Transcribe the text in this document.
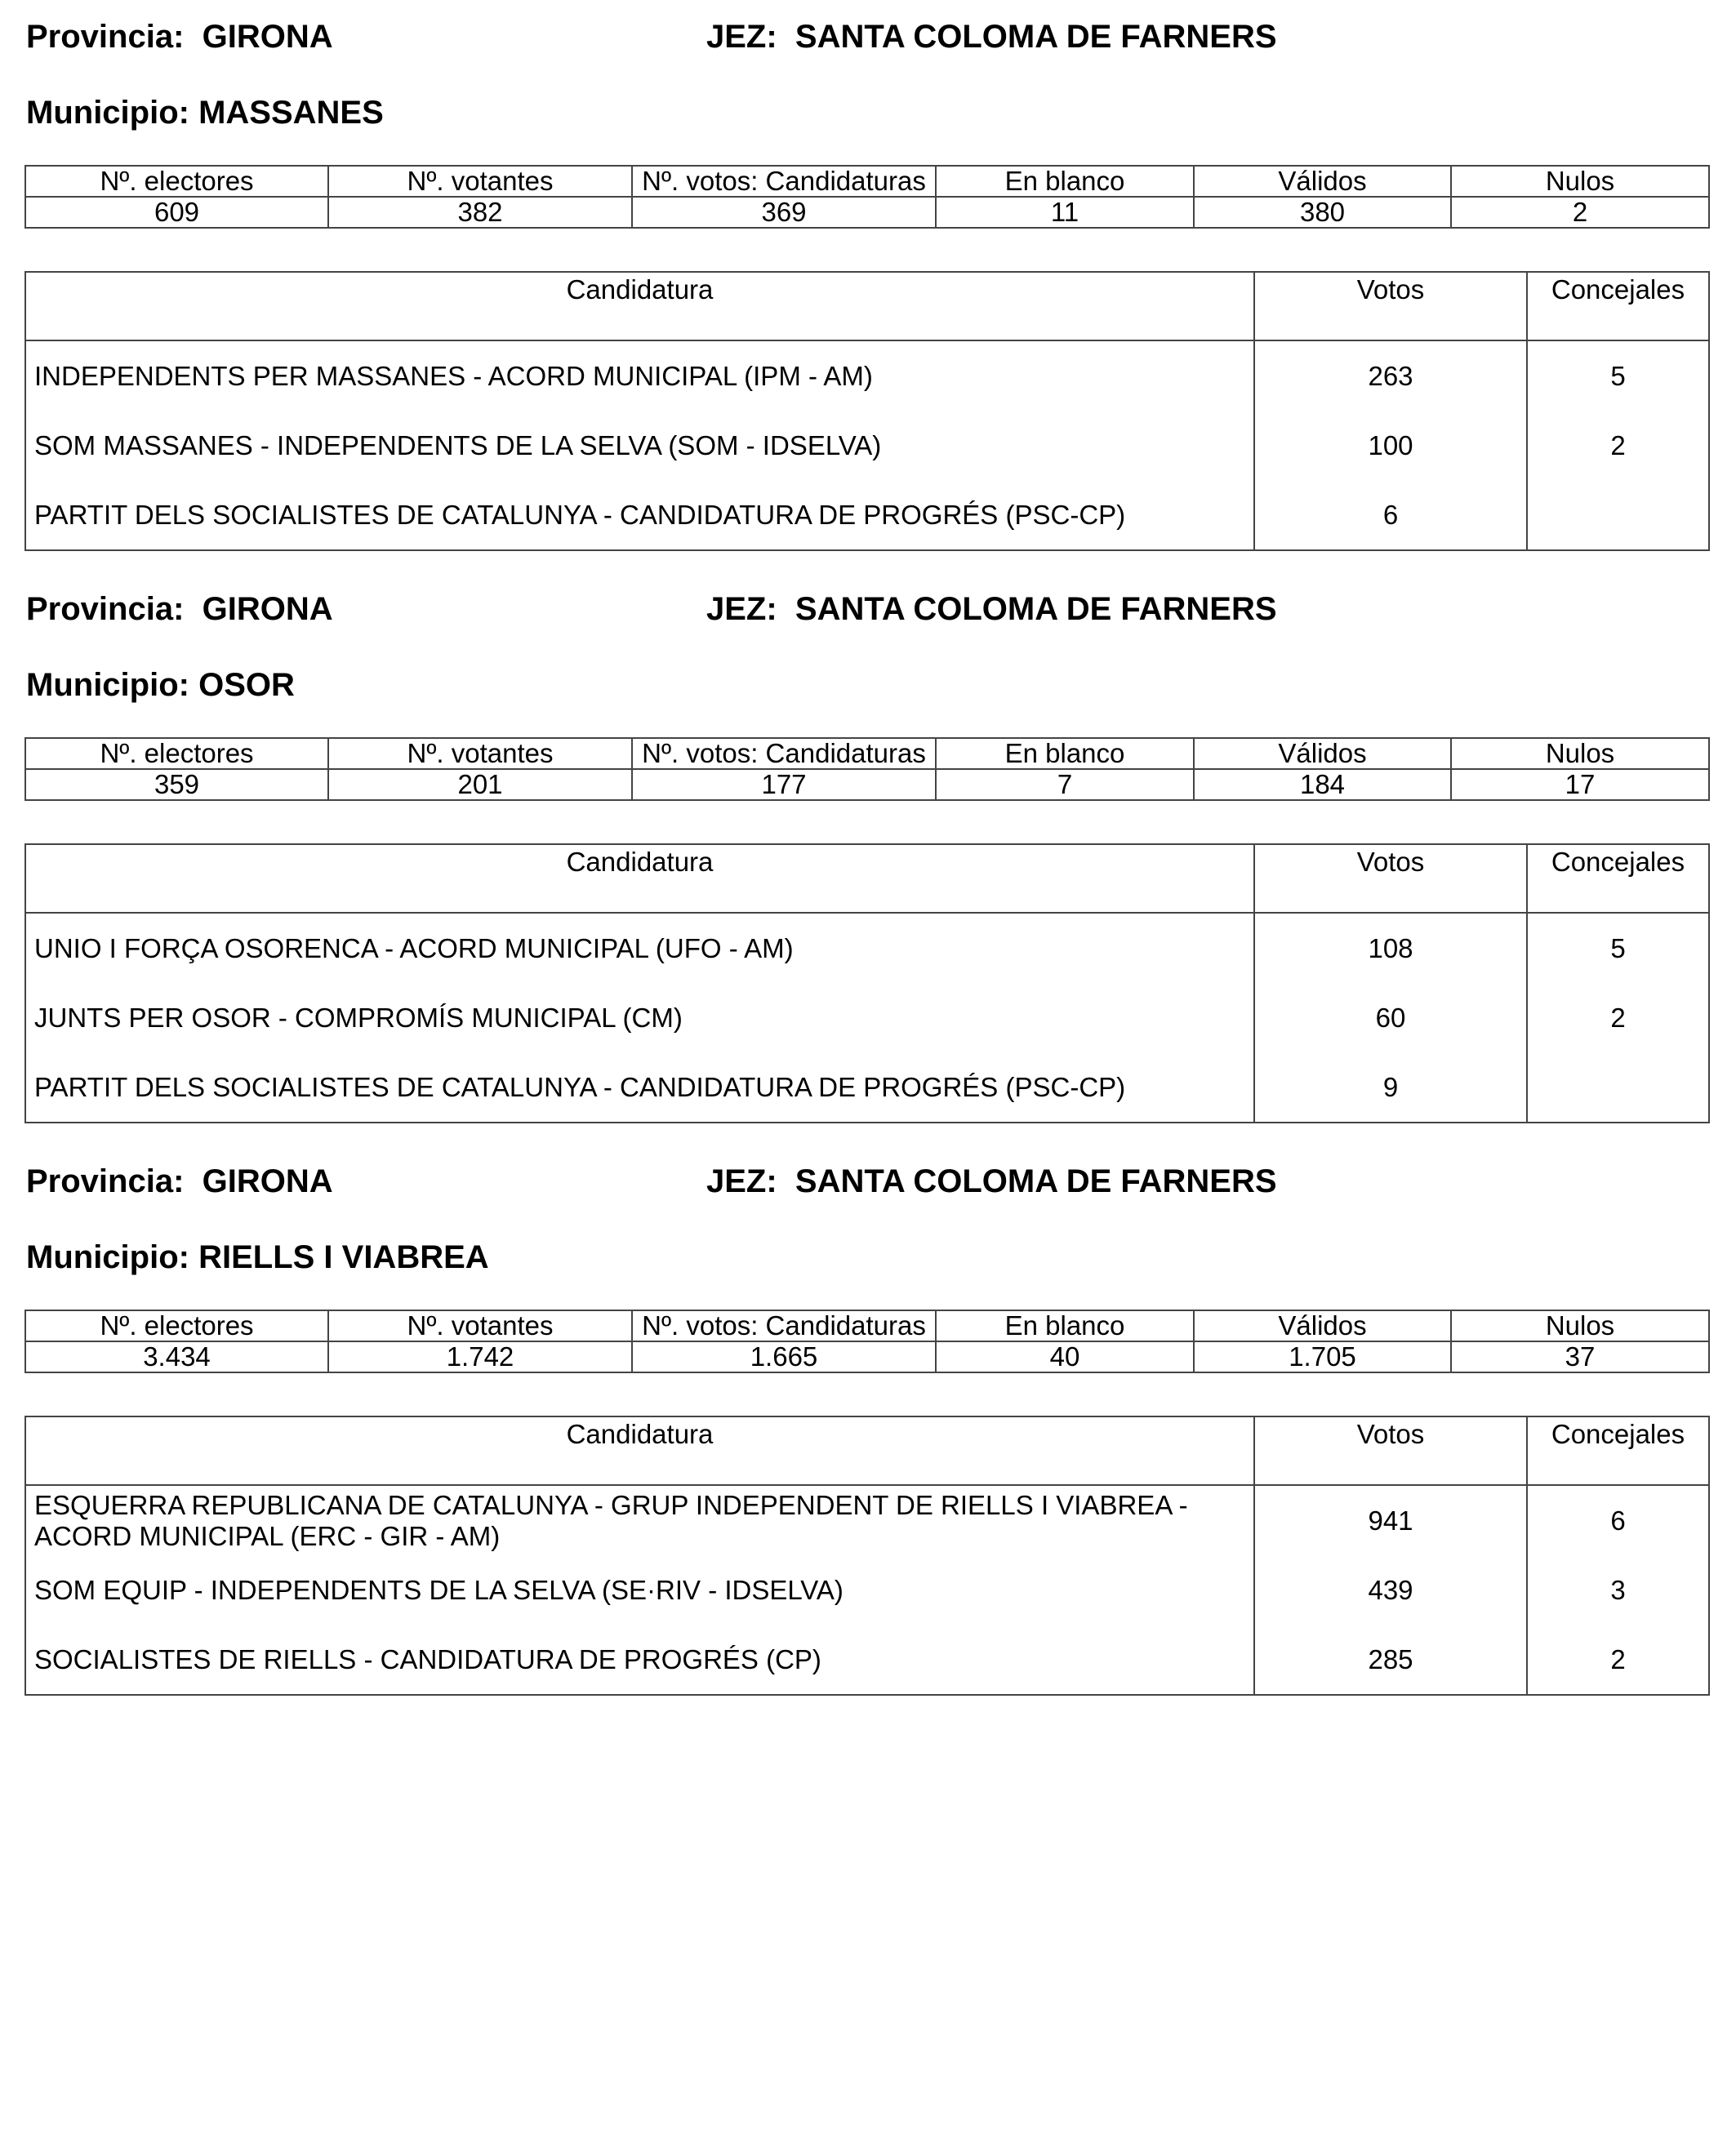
Provincia:  GIRONA	JEZ:  SANTA COLOMA DE FARNERS
Municipio: MASSANES
Nº. electores	Nº. votantes	Nº. votos: Candidaturas	En blanco	Válidos	Nulos
609	382	369	11	380	2
Candidatura	Votos	Concejales
INDEPENDENTS PER MASSANES - ACORD MUNICIPAL (IPM - AM)	263	5
SOM MASSANES - INDEPENDENTS DE LA SELVA (SOM - IDSELVA)	100	2
PARTIT DELS SOCIALISTES DE CATALUNYA - CANDIDATURA DE PROGRÉS (PSC-CP)	6	
Provincia:  GIRONA	JEZ:  SANTA COLOMA DE FARNERS
Municipio: OSOR
Nº. electores	Nº. votantes	Nº. votos: Candidaturas	En blanco	Válidos	Nulos
359	201	177	7	184	17
Candidatura	Votos	Concejales
UNIO I FORÇA OSORENCA - ACORD MUNICIPAL (UFO - AM)	108	5
JUNTS PER OSOR - COMPROMÍS MUNICIPAL (CM)	60	2
PARTIT DELS SOCIALISTES DE CATALUNYA - CANDIDATURA DE PROGRÉS (PSC-CP)	9	
Provincia:  GIRONA	JEZ:  SANTA COLOMA DE FARNERS
Municipio: RIELLS I VIABREA
Nº. electores	Nº. votantes	Nº. votos: Candidaturas	En blanco	Válidos	Nulos
3.434	1.742	1.665	40	1.705	37
Candidatura	Votos	Concejales
ESQUERRA REPUBLICANA DE CATALUNYA - GRUP INDEPENDENT DE RIELLS I VIABREA - ACORD MUNICIPAL (ERC - GIR - AM)	941	6
SOM EQUIP - INDEPENDENTS DE LA SELVA (SE·RIV - IDSELVA)	439	3
SOCIALISTES DE RIELLS - CANDIDATURA DE PROGRÉS (CP)	285	2
